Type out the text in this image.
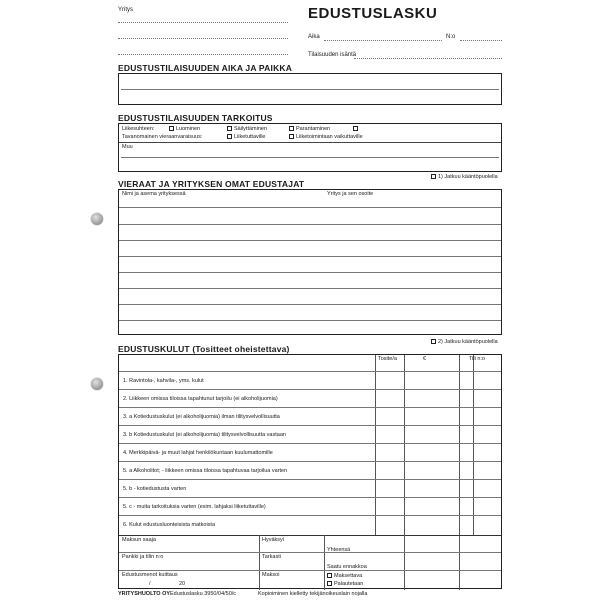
Yritys	EDUSTUSLASKU
Aika	N:o
Tilaisuuden isäntä
EDUSTUSTILAISUUDEN AIKA JA PAIKKA
EDUSTUSTILAISUUDEN TARKOITUS
Liikesuhteen:	Luominen	Säilyttäminen	Parantaminen
Tavanomainen vieraanvaraisuus:	Liiketuttaville	Liiketoimintaan vaikuttaville
Muu
1) Jatkuu kääntöpuolella
VIERAAT JA YRITYKSEN OMAT EDUSTAJAT
Nimi ja asema yrityksessä	Yritys ja sen osoite
2) Jatkuu kääntöpuolella
EDUSTUSKULUT (Tositteet oheistettava)
Tosite/a	€	Tili n:o
1. Ravintola-, kahvila-, yms. kulut
2. Liikkeen omissa tiloissa tapahtunut tarjoilu (ei alkoholijuomia)
3. a Kotiedustuskulut (ei alkoholijuomia) ilman tilitysvelvollisuutta
3. b Kotiedustuskulut (ei alkoholijuomia) tilitysvelvollisuutta vastaan
4. Merkkipäivä- ja muut lahjat henkilökuntaan kuulumattomille
5. a Alkoholitot; - liikkeen omissa tiloissa tapahtuvaa tarjoilua varten
5. b - kotiedustusta varten
5. c - muita tarkoituksia varten (esim. lahjaksi liiketuttaville)
6. Kulut edustusluonteisista matkoista
Maksun saaja	Hyväksyi
Yhteensä
Pankki ja tilin n:o	Tarkasti
Saatu ennakkoa
Edustusmenot kuittaus
/	20
Maksoi	Maksettava
Palautetaan
YRITYSHUOLTO OY Edustuslasku 3950/04/50/c	Kopioiminen kielletty tekijänoikeuslain nojalla
